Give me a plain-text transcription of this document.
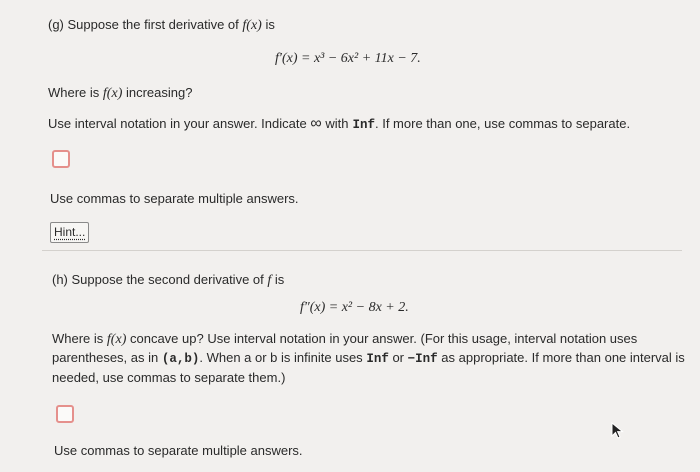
(g) Suppose the first derivative of f(x) is
f′(x) = x³ − 6x² + 11x − 7.
Where is f(x) increasing?
Use interval notation in your answer. Indicate ∞ with Inf. If more than one, use commas to separate.
Use commas to separate multiple answers.
Hint...
(h) Suppose the second derivative of f is
f″(x) = x² − 8x + 2.
Where is f(x) concave up? Use interval notation in your answer. (For this usage, interval notation uses
parentheses, as in (a,b). When a or b is infinite uses Inf or −Inf as appropriate. If more than one interval is
needed, use commas to separate them.)
Use commas to separate multiple answers.
